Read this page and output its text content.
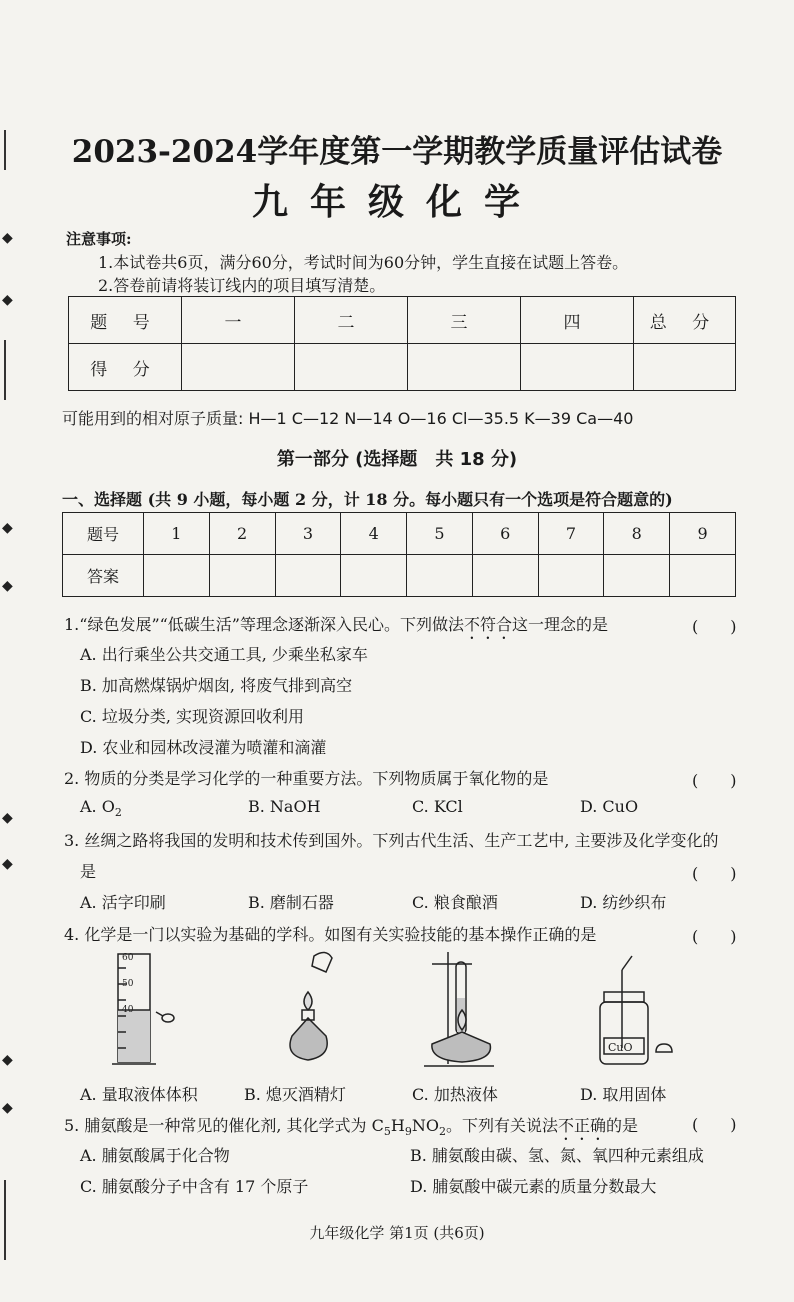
◆
◆
◆
◆
◆
◆
◆
◆
2023-2024学年度第一学期教学质量评估试卷
九年级化学
注意事项:
1.本试卷共6页，满分60分，考试时间为60分钟，学生直接在试题上答卷。
2.答卷前请将装订线内的项目填写清楚。
题 号	一	二	三	四	总 分
得 分					
可能用到的相对原子质量: H—1 C—12 N—14 O—16 Cl—35.5 K—39 Ca—40
第一部分 (选择题　共 18 分)
一、选择题 (共 9 小题，每小题 2 分，计 18 分。每小题只有一个选项是符合题意的)
题号	1	2	3	4	5	6	7	8	9
答案									
1.“绿色发展”“低碳生活”等理念逐渐深入民心。下列做法不符合这一理念的是	(　　)
A. 出行乘坐公共交通工具, 少乘坐私家车
B. 加高燃煤锅炉烟囱, 将废气排到高空
C. 垃圾分类, 实现资源回收利用
D. 农业和园林改浸灌为喷灌和滴灌
2. 物质的分类是学习化学的一种重要方法。下列物质属于氧化物的是	(　　)
A. $O_2$	B. NaOH	C. KCl	D. CuO
3. 丝绸之路将我国的发明和技术传到国外。下列古代生活、生产工艺中, 主要涉及化学变化的
是	(　　)
A. 活字印刷	B. 磨制石器	C. 粮食酿酒	D. 纺纱织布
4. 化学是一门以实验为基础的学科。如图有关实验技能的基本操作正确的是	(　　)
60
50
40
CuO
A. 量取液体体积	B. 熄灭酒精灯	C. 加热液体	D. 取用固体
5. 脯氨酸是一种常见的催化剂, 其化学式为 $C_5H_9NO_2$。下列有关说法不正确的是	(　　)
A. 脯氨酸属于化合物	B. 脯氨酸由碳、氢、氮、氧四种元素组成
C. 脯氨酸分子中含有 17 个原子	D. 脯氨酸中碳元素的质量分数最大
九年级化学 第1页 (共6页)
